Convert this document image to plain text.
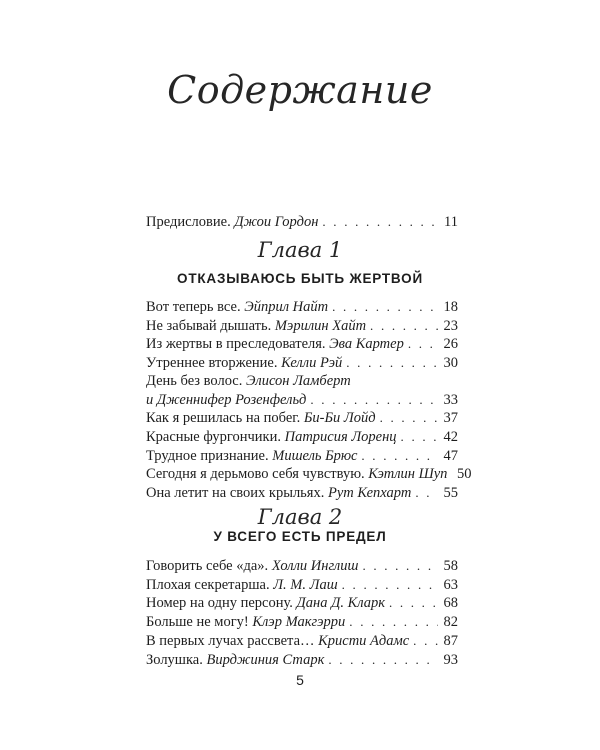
Содержание
Предисловие. Джои Гордон . . .	11
Глава 1
ОТКАЗЫВАЮСЬ БЫТЬ ЖЕРТВОЙ
Вот теперь все. Эйприл Найт . . .	18
Не забывай дышать. Мэрилин Хайт . . .	23
Из жертвы в преследователя. Эва Картер . . .	26
Утреннее вторжение. Келли Рэй . . .	30
День без волос. Элисон Ламберт
и Дженнифер Розенфельд . . .	33
Как я решилась на побег. Би-Би Лойд . . .	37
Красные фургончики. Патрисия Лоренц . . .	42
Трудное признание. Мишель Брюс . . .	47
Сегодня я дерьмово себя чувствую. Кэтлин Шуп 50
Она летит на своих крыльях. Рут Кепхарт . . . 55
Глава 2
У ВСЕГО ЕСТЬ ПРЕДЕЛ
Говорить себе «да». Холли Инглиш . . .	58
Плохая секретарша. Л. М. Лаш . . .	63
Номер на одну персону. Дана Д. Кларк . . .	68
Больше не могу! Клэр Макгэрри . . .	82
В первых лучах рассвета… Кристи Адамс . . . 87
Золушка. Вирджиния Старк . . .	93
5
